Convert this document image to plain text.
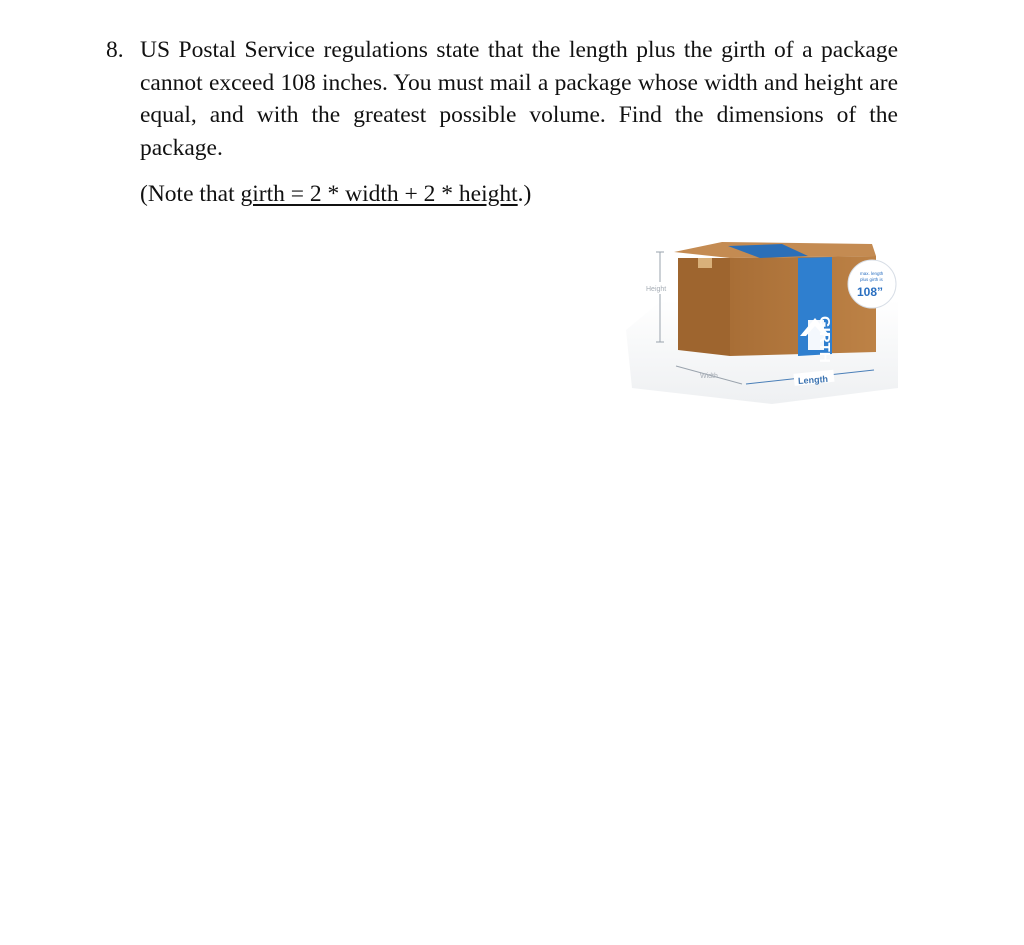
8. US Postal Service regulations state that the length plus the girth of a package cannot exceed 108 inches. You must mail a package whose width and height are equal, and with the greatest possible volume. Find the dimensions of the package.
(Note that girth = 2 * width + 2 * height.)
Height
GIRTH
Width	Length
max. length
plus girth is
108”
